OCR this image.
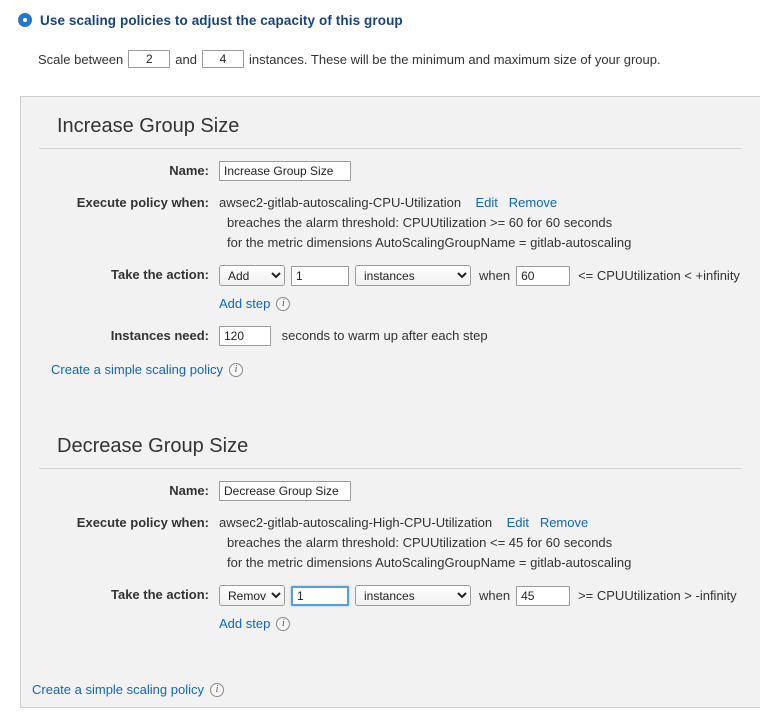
Use scaling policies to adjust the capacity of this group
Scale between
2	and
4	instances. These will be the minimum and maximum size of your group.
Increase Group Size
Name:
Increase Group Size
Execute policy when: awsec2-gitlab-autoscaling-CPU-Utilization Edit Remove
breaches the alarm threshold: CPUUtilization >= 60 for 60 seconds
for the metric dimensions AutoScalingGroupName = gitlab-autoscaling
Take the action:
Add
1
instances	when
60	<= CPUUtilization < +infinity
Add step	i
Instances need:
120	seconds to warm up after each step
Create a simple scaling policy	i
Decrease Group Size
Name:
Decrease Group Size
Execute policy when: awsec2-gitlab-autoscaling-High-CPU-Utilization Edit Remove
breaches the alarm threshold: CPUUtilization <= 45 for 60 seconds
for the metric dimensions AutoScalingGroupName = gitlab-autoscaling
Take the action:
Remove
1
instances	when
45	>= CPUUtilization > -infinity
Add step	i
Create a simple scaling policy	i
